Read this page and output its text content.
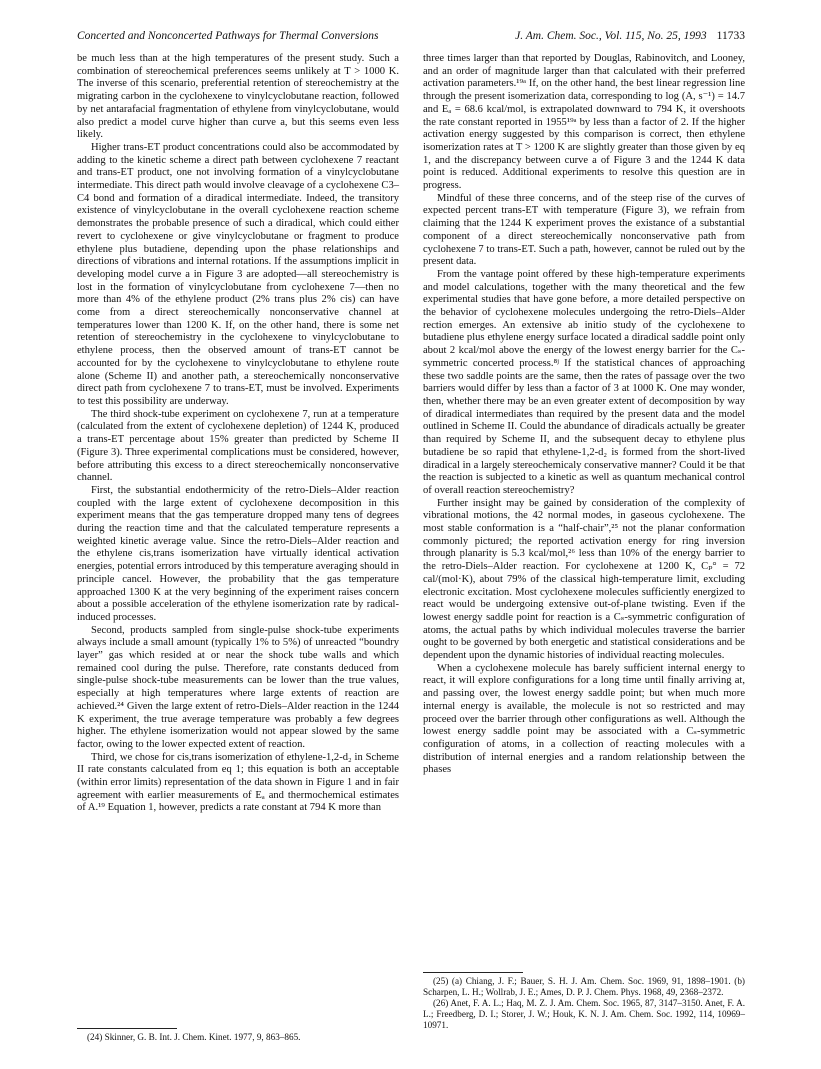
Concerted and Nonconcerted Pathways for Thermal Conversions	J. Am. Chem. Soc., Vol. 115, No. 25, 1993 11733

be much less than at the high temperatures of the present study. Such a combination of stereochemical preferences seems unlikely at T > 1000 K. The inverse of this scenario, preferential retention of stereochemistry at the migrating carbon in the cyclohexene to vinylcyclobutane reaction, followed by net antarafacial fragmentation of ethylene from vinylcyclobutane, would also predict a model curve higher than curve a, but this seems even less likely.

Higher trans-ET product concentrations could also be accommodated by adding to the kinetic scheme a direct path between cyclohexene 7 reactant and trans-ET product, one not involving formation of a vinylcyclobutane intermediate. This direct path would involve cleavage of a cyclohexene C3–C4 bond and formation of a diradical intermediate. Indeed, the transitory existence of vinylcyclobutane in the overall cyclohexene reaction scheme demonstrates the probable presence of such a diradical, which could either revert to cyclohexene or give vinylcyclobutane or fragment to produce ethylene plus butadiene, depending upon the phase relationships and directions of vibrations and internal rotations. If the assumptions implicit in developing model curve a in Figure 3 are adopted—all stereochemistry is lost in the formation of vinylcyclobutane from cyclohexene 7—then no more than 4% of the ethylene product (2% trans plus 2% cis) can have come from a direct stereochemically nonconservative channel at temperatures lower than 1200 K. If, on the other hand, there is some net retention of stereochemistry in the cyclohexene to vinylcyclobutane to ethylene process, then the observed amount of trans-ET cannot be accounted for by the cyclohexene to vinylcyclobutane to ethylene route alone (Scheme II) and another path, a stereochemically nonconservative direct path from cyclohexene 7 to trans-ET, must be involved. Experiments to test this possibility are underway.

The third shock-tube experiment on cyclohexene 7, run at a temperature (calculated from the extent of cyclohexene depletion) of 1244 K, produced a trans-ET percentage about 15% greater than predicted by Scheme II (Figure 3). Three experimental complications must be considered, however, before attributing this excess to a direct stereochemically nonconservative channel.

First, the substantial endothermicity of the retro-Diels–Alder reaction coupled with the large extent of cyclohexene decomposition in this experiment means that the gas temperature dropped many tens of degrees during the reaction time and that the calculated temperature represents a weighted kinetic average value. Since the retro-Diels–Alder reaction and the ethylene cis,trans isomerization have virtually identical activation energies, potential errors introduced by this temperature averaging should in principle cancel. However, the probability that the gas temperature approached 1300 K at the very beginning of the experiment raises concern about a possible acceleration of the ethylene isomerization rate by radical-induced processes.

Second, products sampled from single-pulse shock-tube experiments always include a small amount (typically 1% to 5%) of unreacted “boundry layer” gas which resided at or near the shock tube walls and which remained cool during the pulse. Therefore, rate constants deduced from single-pulse shock-tube measurements can be lower than the true values, especially at high temperatures where large extents of reaction are achieved.²⁴ Given the large extent of retro-Diels–Alder reaction in the 1244 K experiment, the true average temperature was probably a few degrees higher. The ethylene isomerization would not appear slowed by the same factor, owing to the lower expected extent of reaction.

Third, we chose for cis,trans isomerization of ethylene-1,2-d₂ in Scheme II rate constants calculated from eq 1; this equation is both an acceptable (within error limits) representation of the data shown in Figure 1 and in fair agreement with earlier measurements of Eₐ and thermochemical estimates of A.¹⁹ Equation 1, however, predicts a rate constant at 794 K more than

three times larger than that reported by Douglas, Rabinovitch, and Looney, and an order of magnitude larger than that calculated with their preferred activation parameters.¹⁹ᵃ If, on the other hand, the best linear regression line through the present isomerization data, corresponding to log (A, s⁻¹) = 14.7 and Eₐ = 68.6 kcal/mol, is extrapolated downward to 794 K, it overshoots the rate constant reported in 1955¹⁹ᵃ by less than a factor of 2. If the higher activation energy suggested by this comparison is correct, then ethylene isomerization rates at T > 1200 K are slightly greater than those given by eq 1, and the discrepancy between curve a of Figure 3 and the 1244 K data point is reduced. Additional experiments to resolve this question are in progress.

Mindful of these three concerns, and of the steep rise of the curves of expected percent trans-ET with temperature (Figure 3), we refrain from claiming that the 1244 K experiment proves the existance of a substantial component of a direct stereochemically nonconservative path from cyclohexene 7 to trans-ET. Such a path, however, cannot be ruled out by the present data.

From the vantage point offered by these high-temperature experiments and model calculations, together with the many theoretical and the few experimental studies that have gone before, a more detailed perspective on the behavior of cyclohexene molecules undergoing the retro-Diels–Alder rection emerges. An extensive ab initio study of the cyclohexene to butadiene plus ethylene energy surface located a diradical saddle point only about 2 kcal/mol above the energy of the lowest energy barrier for the Cₛ-symmetric concerted process.⁸ʲ If the statistical chances of approaching these two saddle points are the same, then the rates of passage over the two barriers would differ by less than a factor of 3 at 1000 K. One may wonder, then, whether there may be an even greater extent of decomposition by way of diradical intermediates than required by the present data and the model outlined in Scheme II. Could the abundance of diradicals actually be greater than required by Scheme II, and the subsequent decay to ethylene plus butadiene be so rapid that ethylene-1,2-d₂ is formed from the short-lived diradical in a largely stereochemicaly conservative manner? Could it be that the reaction is subjected to a kinetic as well as quantum mechanical control of overall reaction stereochemistry?

Further insight may be gained by consideration of the complexity of vibrational motions, the 42 normal modes, in gaseous cyclohexene. The most stable conformation is a “half-chair”,²⁵ not the planar conformation commonly pictured; the reported activation energy for ring inversion through planarity is 5.3 kcal/mol,²⁶ less than 10% of the energy barrier to the retro-Diels–Alder reaction. For cyclohexene at 1200 K, Cₚ° = 72 cal/(mol·K), about 79% of the classical high-temperature limit, excluding electronic excitation. Most cyclohexene molecules sufficiently energized to react would be undergoing extensive out-of-plane twisting. Even if the lowest energy saddle point for reaction is a Cₛ-symmetric configuration of atoms, the actual paths by which individual molecules traverse the barrier ought to be governed by both energetic and statistical considerations and be dependent upon the dynamic histories of individual reacting molecules.

When a cyclohexene molecule has barely sufficient internal energy to react, it will explore configurations for a long time until finally arriving at, and passing over, the lowest energy saddle point; but when much more internal energy is available, the molecule is not so restricted and may proceed over the barrier through other configurations as well. Although the lowest energy saddle point may be associated with a Cₛ-symmetric configuration of atoms, in a collection of reacting molecules with a distribution of internal energies and a random relationship between the phases

(24) Skinner, G. B. Int. J. Chem. Kinet. 1977, 9, 863–865.

(25) (a) Chiang, J. F.; Bauer, S. H. J. Am. Chem. Soc. 1969, 91, 1898–1901. (b) Scharpen, L. H.; Wollrab, J. E.; Ames, D. P. J. Chem. Phys. 1968, 49, 2368–2372.

(26) Anet, F. A. L.; Haq, M. Z. J. Am. Chem. Soc. 1965, 87, 3147–3150. Anet, F. A. L.; Freedberg, D. I.; Storer, J. W.; Houk, K. N. J. Am. Chem. Soc. 1992, 114, 10969–10971.
